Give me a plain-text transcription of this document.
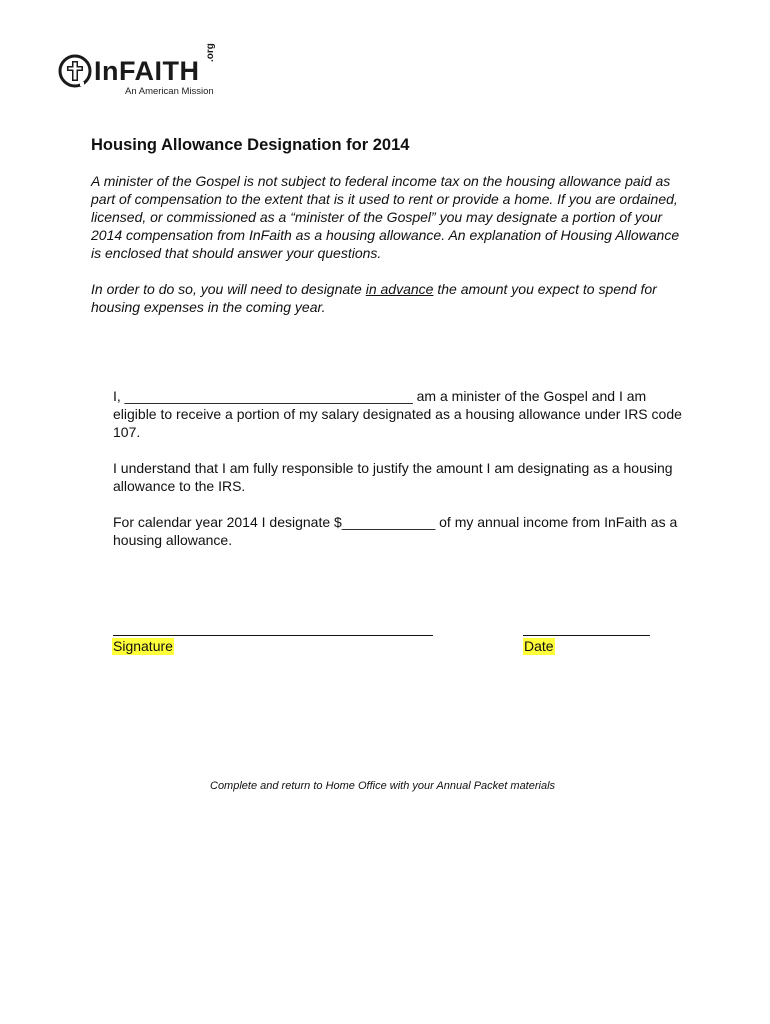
InFAITH
.org
An American Mission
Housing Allowance Designation for 2014

A minister of the Gospel is not subject to federal income tax on the housing allowance paid as part of compensation to the extent that is it used to rent or provide a home. If you are ordained, licensed, or commissioned as a “minister of the Gospel” you may designate a portion of your 2014 compensation from InFaith as a housing allowance. An explanation of Housing Allowance is enclosed that should answer your questions.

In order to do so, you will need to designate in advance the amount you expect to spend for housing expenses in the coming year.

I, _____________________________________ am a minister of the Gospel and I am eligible to receive a portion of my salary designated as a housing allowance under IRS code 107.

I understand that I am fully responsible to justify the amount I am designating as a housing allowance to the IRS.

For calendar year 2014 I designate $____________ of my annual income from InFaith as a housing allowance.

Signature	Date
Complete and return to Home Office with your Annual Packet materials
